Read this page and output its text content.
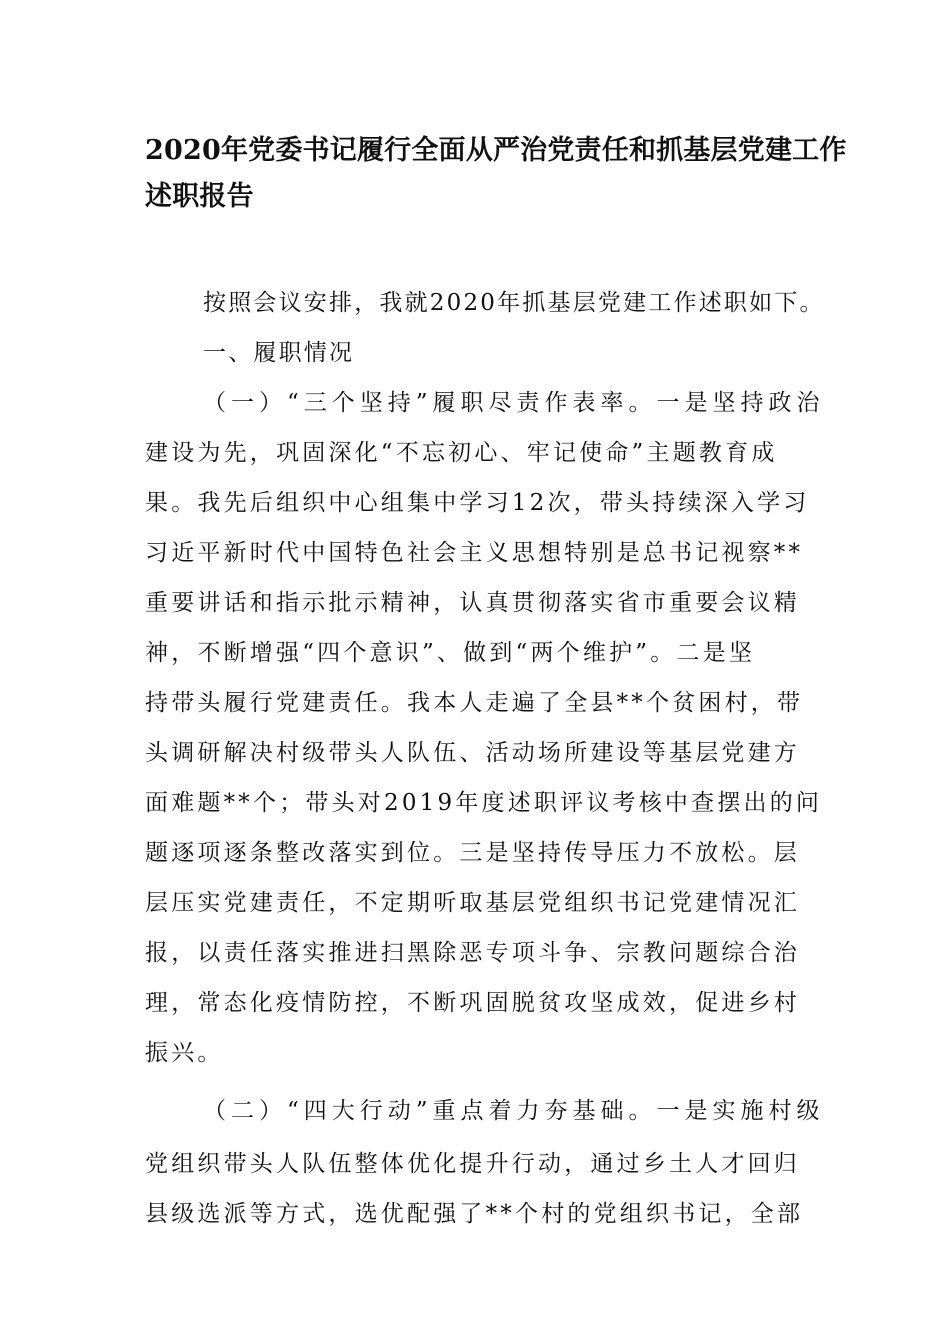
2020年党委书记履行全面从严治党责任和抓基层党建工作
述职报告
按照会议安排，我就2020年抓基层党建工作述职如下。
一、履职情况
（一）“三个坚持”履职尽责作表率。一是坚持政治
建设为先，巩固深化“不忘初心、牢记使命”主题教育成
果。我先后组织中心组集中学习12次，带头持续深入学习
习近平新时代中国特色社会主义思想特别是总书记视察**
重要讲话和指示批示精神，认真贯彻落实省市重要会议精
神，不断增强“四个意识”、做到“两个维护”。二是坚
持带头履行党建责任。我本人走遍了全县**个贫困村，带
头调研解决村级带头人队伍、活动场所建设等基层党建方
面难题**个；带头对2019年度述职评议考核中查摆出的问
题逐项逐条整改落实到位。三是坚持传导压力不放松。层
层压实党建责任，不定期听取基层党组织书记党建情况汇
报，以责任落实推进扫黑除恶专项斗争、宗教问题综合治
理，常态化疫情防控，不断巩固脱贫攻坚成效，促进乡村
振兴。
（二）“四大行动”重点着力夯基础。一是实施村级
党组织带头人队伍整体优化提升行动，通过乡土人才回归
县级选派等方式，选优配强了**个村的党组织书记，全部
